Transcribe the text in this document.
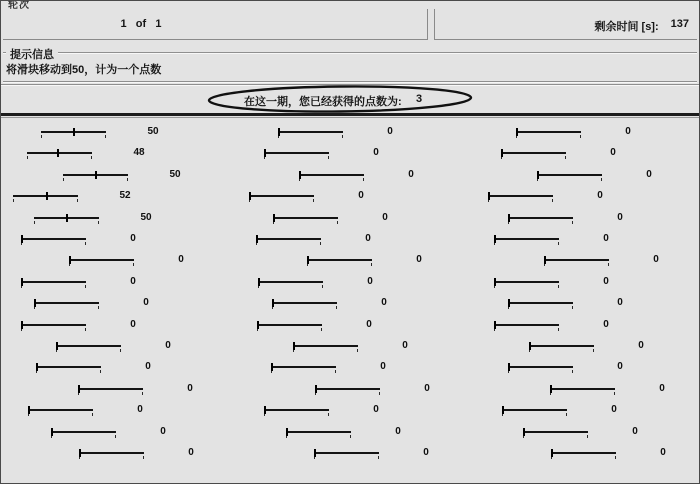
轮次
1 of 1	剩余时间 [s]: 137
提示信息
将滑块移动到50，计为一个点数
在这一期，您已经获得的点数为:	3
50
48
50
52
50
0
0
0
0
0
0
0
0
0
0
0
0
0
0
0
0
0
0
0
0
0
0
0
0
0
0
0
0
0
0
0
0
0
0
0
0
0
0
0
0
0
0
0
